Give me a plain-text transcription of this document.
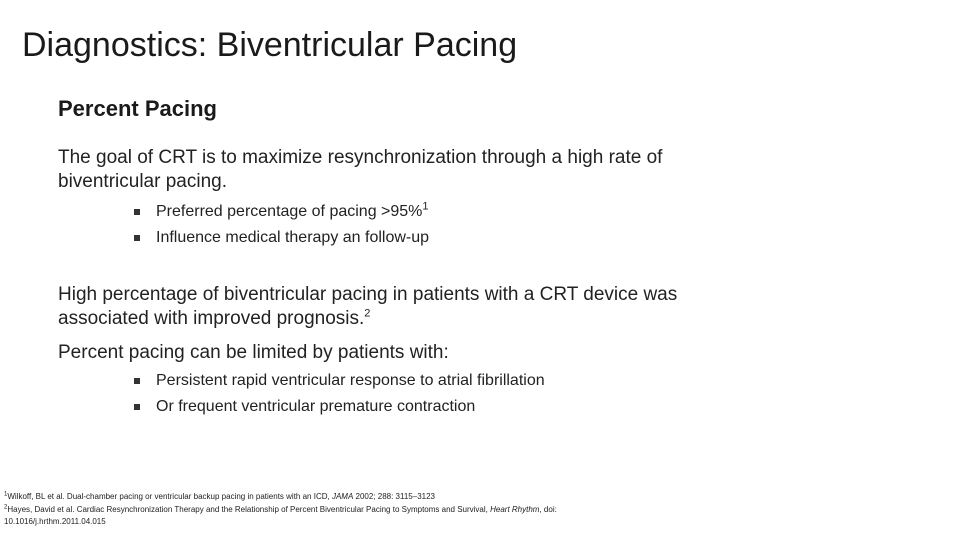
Diagnostics: Biventricular Pacing
Percent Pacing
The goal of CRT is to maximize resynchronization through a high rate of biventricular pacing.
Preferred percentage of pacing >95%$^1$
Influence medical therapy an follow-up
High percentage of biventricular pacing in patients with a CRT device was associated with improved prognosis.$^2$
Percent pacing can be limited by patients with:
Persistent rapid ventricular response to atrial fibrillation
Or frequent ventricular premature contraction
$^1$Wilkoff, BL et al. Dual-chamber pacing or ventricular backup pacing in patients with an ICD, JAMA 2002; 288: 3115–3123
$^2$Hayes, David et al. Cardiac Resynchronization Therapy and the Relationship of Percent Biventricular Pacing to Symptoms and Survival, Heart Rhythm, doi:
10.1016/j.hrthm.2011.04.015
